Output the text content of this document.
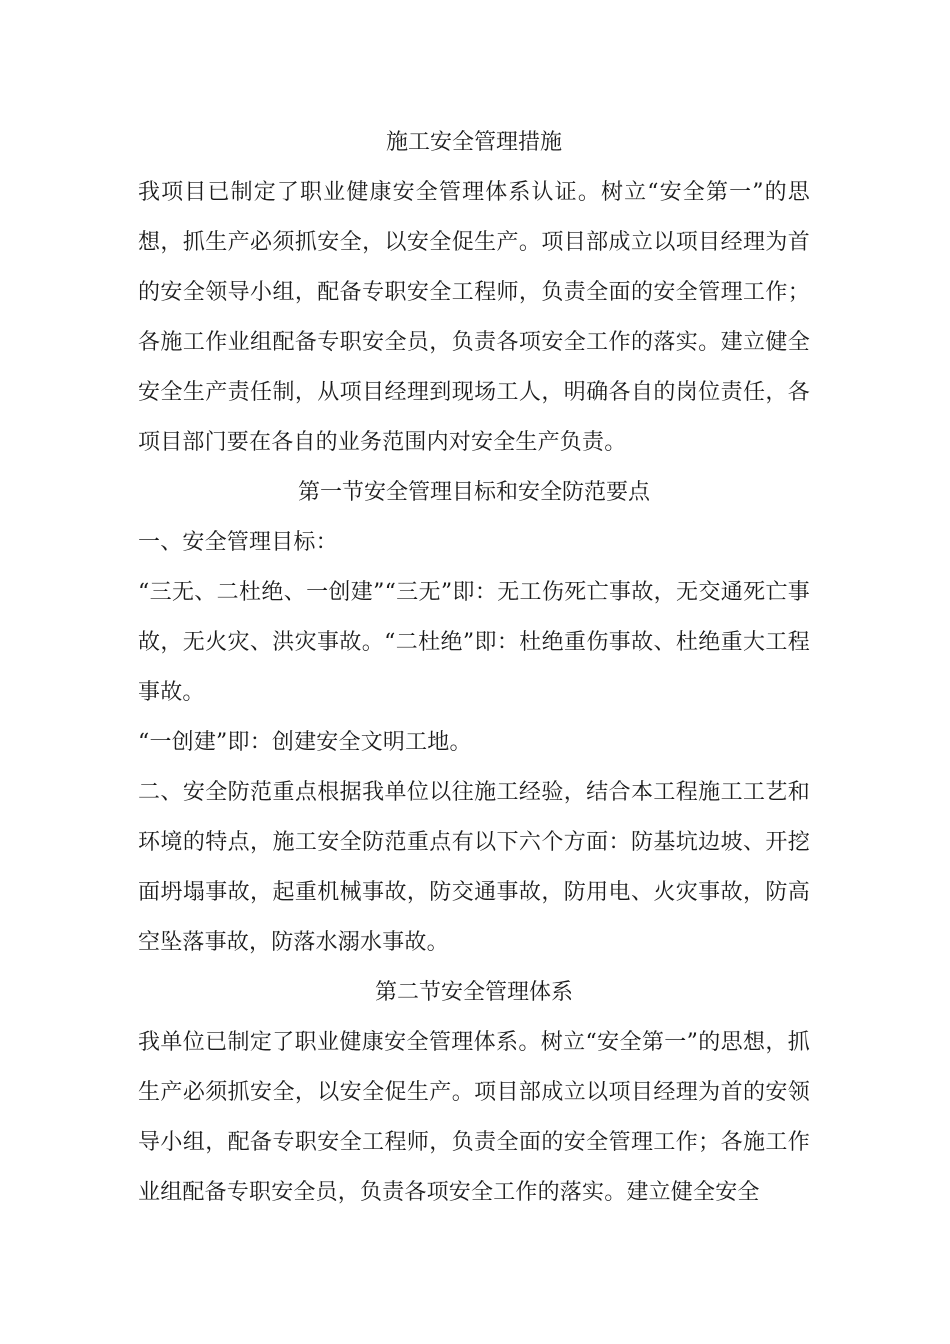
施工安全管理措施

我项目已制定了职业健康安全管理体系认证。树立“安全第一”的思想，抓生产必须抓安全，以安全促生产。项目部成立以项目经理为首的安全领导小组，配备专职安全工程师，负责全面的安全管理工作；各施工作业组配备专职安全员，负责各项安全工作的落实。建立健全安全生产责任制，从项目经理到现场工人，明确各自的岗位责任，各项目部门要在各自的业务范围内对安全生产负责。

第一节安全管理目标和安全防范要点

一、安全管理目标：

“三无、二杜绝、一创建”“三无”即：无工伤死亡事故，无交通死亡事故，无火灾、洪灾事故。“二杜绝”即：杜绝重伤事故、杜绝重大工程事故。

“一创建”即：创建安全文明工地。

二、安全防范重点根据我单位以往施工经验，结合本工程施工工艺和环境的特点，施工安全防范重点有以下六个方面：防基坑边坡、开挖面坍塌事故，起重机械事故，防交通事故，防用电、火灾事故，防高空坠落事故，防落水溺水事故。

第二节安全管理体系

我单位已制定了职业健康安全管理体系。树立“安全第一”的思想，抓生产必须抓安全，以安全促生产。项目部成立以项目经理为首的安领导小组，配备专职安全工程师，负责全面的安全管理工作；各施工作业组配备专职安全员，负责各项安全工作的落实。建立健全安全
